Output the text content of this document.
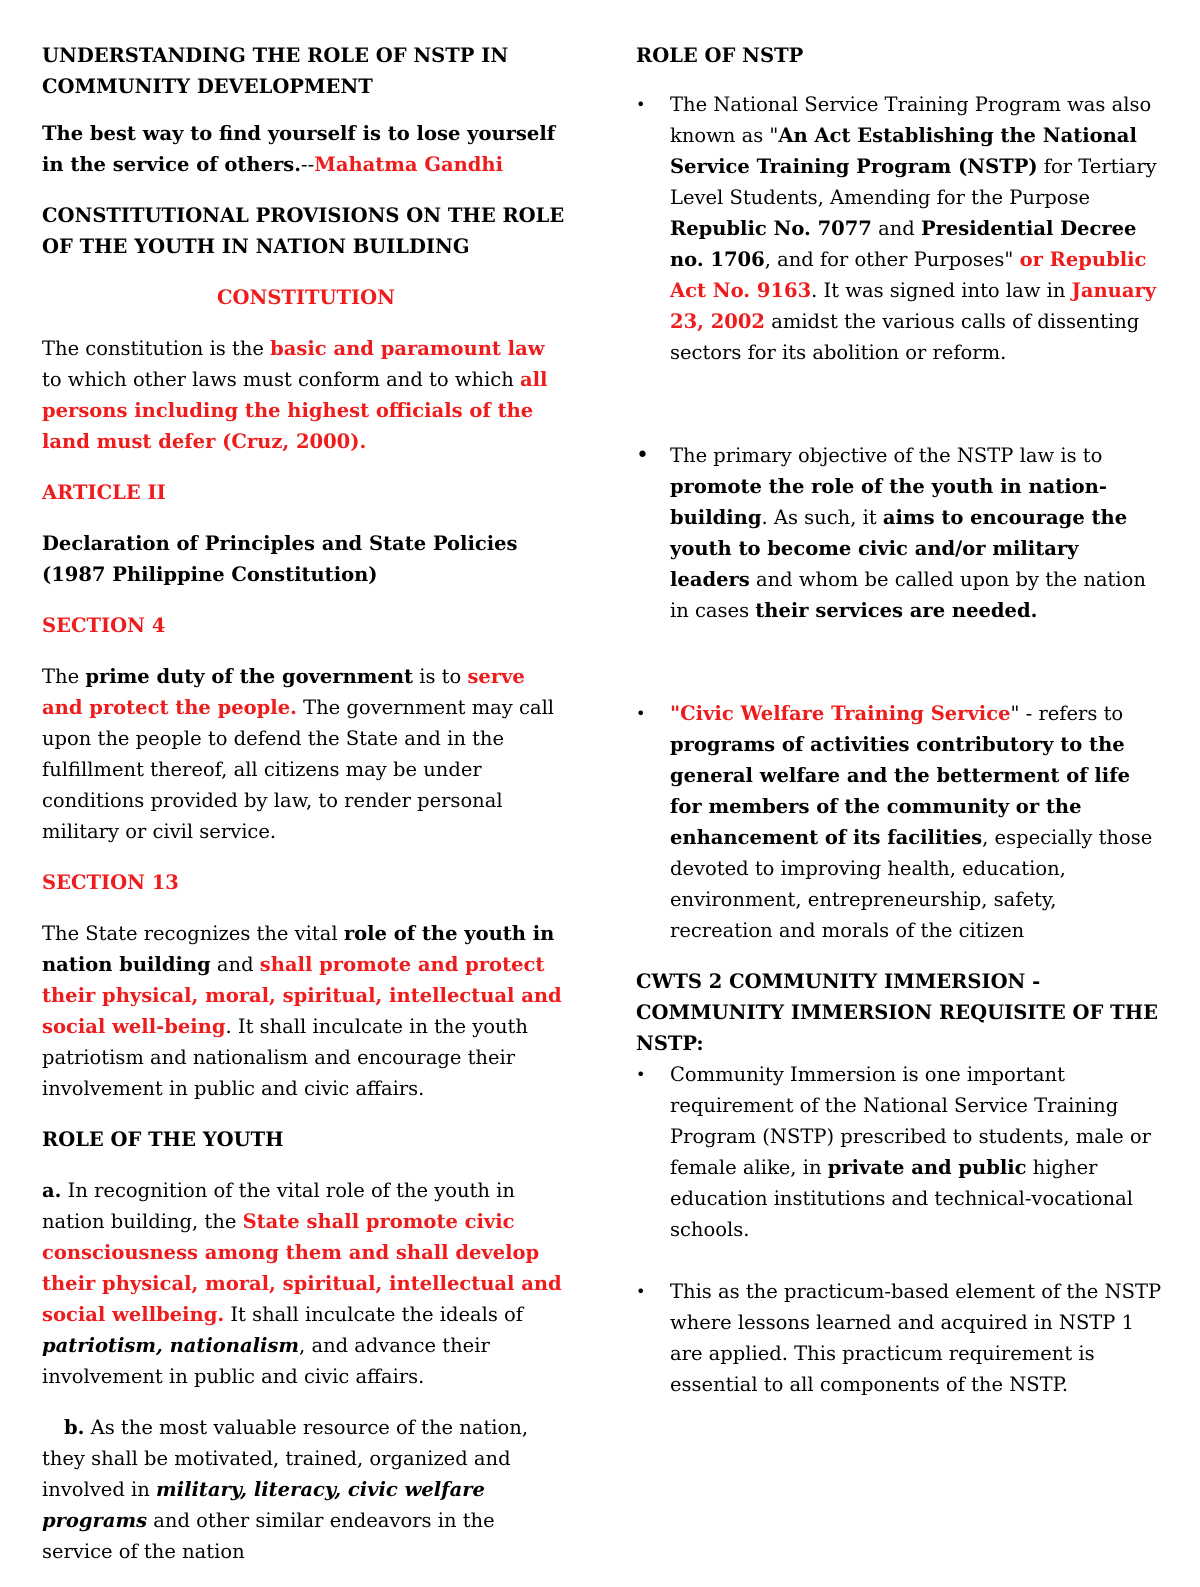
UNDERSTANDING THE ROLE OF NSTP IN COMMUNITY DEVELOPMENT

The best way to find yourself is to lose yourself in the service of others.--Mahatma Gandhi

CONSTITUTIONAL PROVISIONS ON THE ROLE OF THE YOUTH IN NATION BUILDING

CONSTITUTION

The constitution is the basic and paramount law to which other laws must conform and to which all persons including the highest officials of the land must defer (Cruz, 2000).

ARTICLE II

Declaration of Principles and State Policies (1987 Philippine Constitution)

SECTION 4

The prime duty of the government is to serve and protect the people. The government may call upon the people to defend the State and in the fulfillment thereof, all citizens may be under conditions provided by law, to render personal military or civil service.

SECTION 13

The State recognizes the vital role of the youth in nation building and shall promote and protect their physical, moral, spiritual, intellectual and social well-being. It shall inculcate in the youth patriotism and nationalism and encourage their involvement in public and civic affairs.

ROLE OF THE YOUTH

a. In recognition of the vital role of the youth in nation building, the State shall promote civic consciousness among them and shall develop their physical, moral, spiritual, intellectual and social wellbeing. It shall inculcate the ideals of patriotism, nationalism, and advance their involvement in public and civic affairs.

b. As the most valuable resource of the nation, they shall be motivated, trained, organized and involved in military, literacy, civic welfare programs and other similar endeavors in the service of the nation

ROLE OF NSTP

• The National Service Training Program was also known as "An Act Establishing the National Service Training Program (NSTP) for Tertiary Level Students, Amending for the Purpose Republic No. 7077 and Presidential Decree no. 1706, and for other Purposes" or Republic Act No. 9163. It was signed into law in January 23, 2002 amidst the various calls of dissenting sectors for its abolition or reform.
• The primary objective of the NSTP law is to promote the role of the youth in nation-building. As such, it aims to encourage the youth to become civic and/or military leaders and whom be called upon by the nation in cases their services are needed.
• "Civic Welfare Training Service" - refers to programs of activities contributory to the general welfare and the betterment of life for members of the community or the enhancement of its facilities, especially those devoted to improving health, education, environment, entrepreneurship, safety, recreation and morals of the citizen

CWTS 2 COMMUNITY IMMERSION - COMMUNITY IMMERSION REQUISITE OF THE NSTP:

• Community Immersion is one important requirement of the National Service Training Program (NSTP) prescribed to students, male or female alike, in private and public higher education institutions and technical-vocational schools.
• This as the practicum-based element of the NSTP where lessons learned and acquired in NSTP 1 are applied. This practicum requirement is essential to all components of the NSTP.
